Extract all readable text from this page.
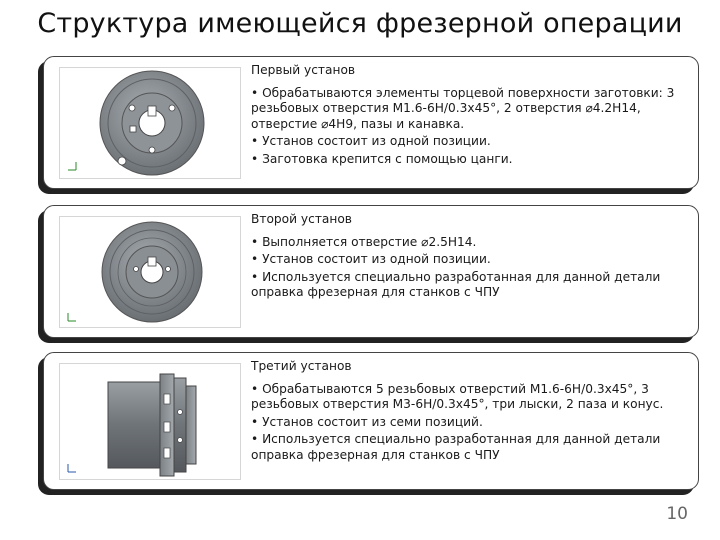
Структура имеющейся фрезерной операции
Первый установ
• Обрабатываются элементы торцевой поверхности заготовки: 3 резьбовых отверстия М1.6-6H/0.3х45°, 2 отверстия ⌀4.2H14, отверстие ⌀4H9, пазы и канавка.
• Установ состоит из одной позиции.
• Заготовка крепится с помощью цанги.
Второй установ
• Выполняется отверстие ⌀2.5H14.
• Установ состоит из одной позиции.
• Используется специально разработанная для данной детали оправка фрезерная для станков с ЧПУ
Третий установ
• Обрабатываются 5 резьбовых отверстий М1.6-6H/0.3х45°, 3 резьбовых отверстия М3-6H/0.3х45°, три лыски, 2 паза и конус.
• Установ состоит из семи позиций.
• Используется специально разработанная для данной детали оправка фрезерная для станков с ЧПУ
10
